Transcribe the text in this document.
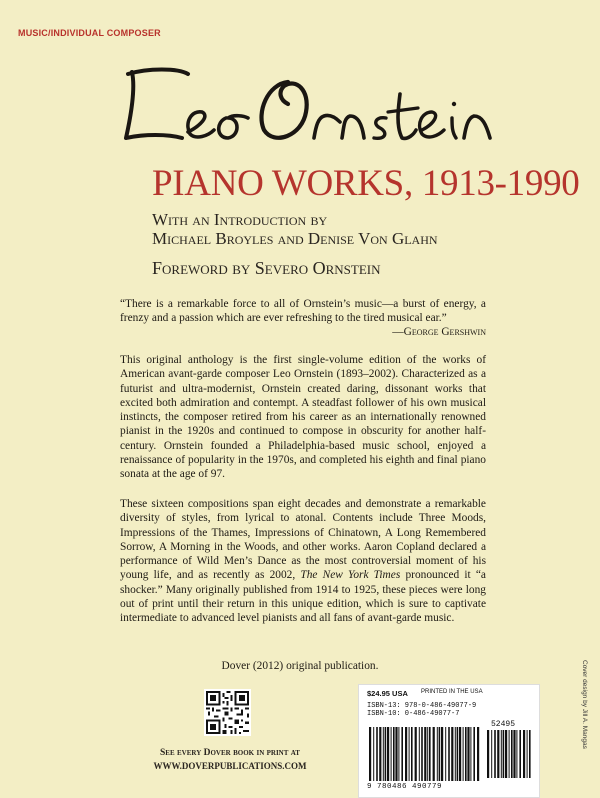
MUSIC/INDIVIDUAL COMPOSER
PIANO WORKS, 1913-1990
With an Introduction by
Michael Broyles and Denise Von Glahn
Foreword by Severo Ornstein
“There is a remarkable force to all of Ornstein’s music—a burst of energy, a frenzy and a passion which are ever refreshing to the tired musical ear.”
—George Gershwin
This original anthology is the first single-volume edition of the works of American avant-garde composer Leo Ornstein (1893–2002). Characterized as a futurist and ultra-modernist, Ornstein created daring, dissonant works that excited both admiration and contempt. A steadfast follower of his own musical instincts, the composer retired from his career as an internationally renowned pianist in the 1920s and continued to compose in obscurity for another half-century. Ornstein founded a Philadelphia-based music school, enjoyed a renaissance of popularity in the 1970s, and completed his eighth and final piano sonata at the age of 97.
These sixteen compositions span eight decades and demonstrate a remarkable diversity of styles, from lyrical to atonal. Contents include Three Moods, Impressions of the Thames, Impressions of Chinatown, A Long Remembered Sorrow, A Morning in the Woods, and other works. Aaron Copland declared a performance of Wild Men’s Dance as the most controversial moment of his young life, and as recently as 2002, The New York Times pronounced it “a shocker.” Many originally published from 1914 to 1925, these pieces were long out of print until their return in this unique edition, which is sure to captivate intermediate to advanced level pianists and all fans of avant-garde music.
Dover (2012) original publication.
See every Dover book in print at
WWW.DOVERPUBLICATIONS.COM
$24.95 USA PRINTED IN THE USA
ISBN-13: 978-0-486-49077-9
ISBN-10: 0-486-49077-7
52495
9 780486 490779
Cover design by Jill A. Mangas
